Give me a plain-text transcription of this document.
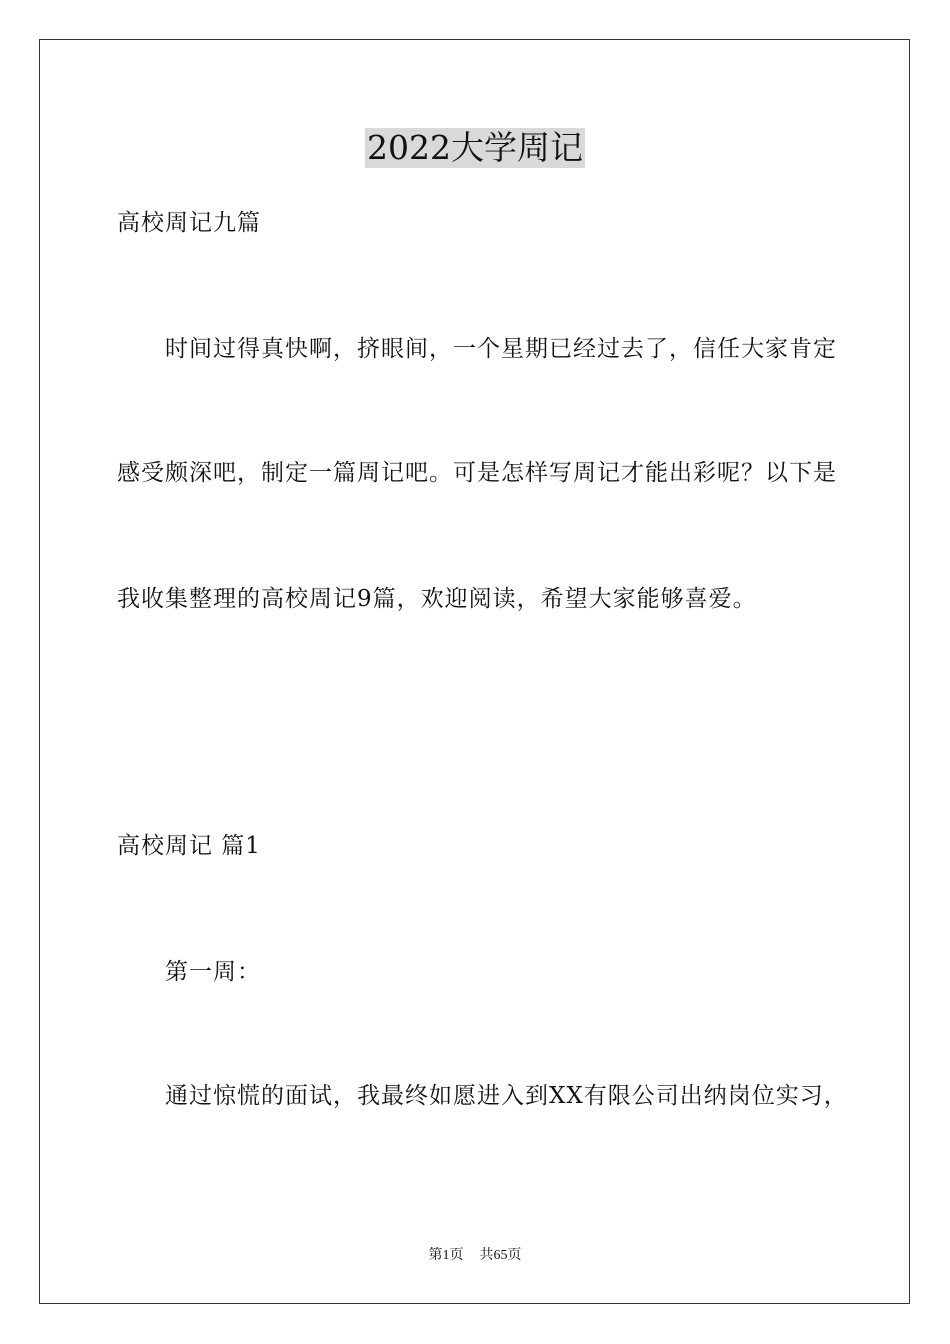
2022大学周记
高校周记九篇
时间过得真快啊，挤眼间，一个星期已经过去了，信任大家肯定
感受颇深吧，制定一篇周记吧。可是怎样写周记才能出彩呢？以下是
我收集整理的高校周记9篇，欢迎阅读，希望大家能够喜爱。
高校周记 篇1
第一周：
通过惊慌的面试，我最终如愿进入到XX有限公司出纳岗位实习，
第1页 共65页
